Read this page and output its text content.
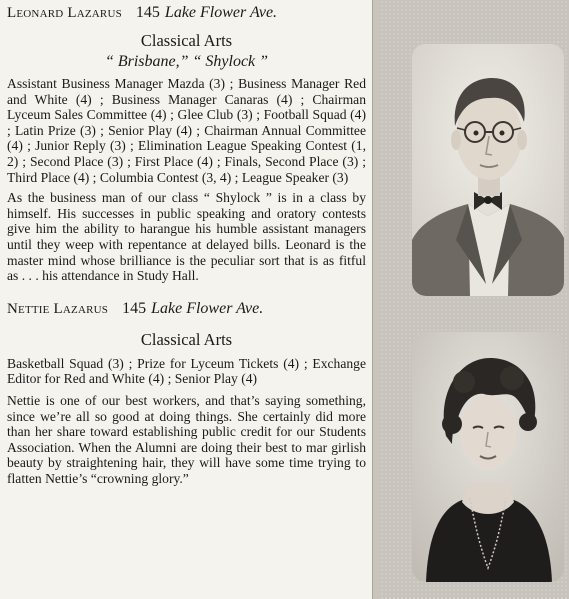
Leonard Lazarus 145 Lake Flower Ave.
Classical Arts
“ Brisbane,” “ Shylock ”

Assistant Business Manager Mazda (3) ; Business Manager Red and White (4) ; Business Manager Canaras (4) ; Chairman Lyceum Sales Committee (4) ; Glee Club (3) ; Football Squad (4) ; Latin Prize (3) ; Senior Play (4) ; Chairman Annual Committee (4) ; Junior Reply (3) ; Elimination League Speaking Contest (1, 2) ; Second Place (3) ; First Place (4) ; Finals, Second Place (3) ; Third Place (4) ; Columbia Contest (3, 4) ; League Speaker (3)

As the business man of our class “ Shylock ” is in a class by himself. His successes in public speaking and oratory contests give him the ability to harangue his humble assistant managers until they weep with repentance at delayed bills. Leonard is the master mind whose brilliance is the peculiar sort that is as fitful as . . . his attendance in Study Hall.

Nettie Lazarus 145 Lake Flower Ave.
Classical Arts

Basketball Squad (3) ; Prize for Lyceum Tickets (4) ; Exchange Editor for Red and White (4) ; Senior Play (4)

Nettie is one of our best workers, and that’s saying something, since we’re all so good at doing things. She certainly did more than her share toward establishing public credit for our Students Association. When the Alumni are doing their best to mar girlish beauty by straightening hair, they will have some time trying to flatten Nettie’s “crowning glory.”
